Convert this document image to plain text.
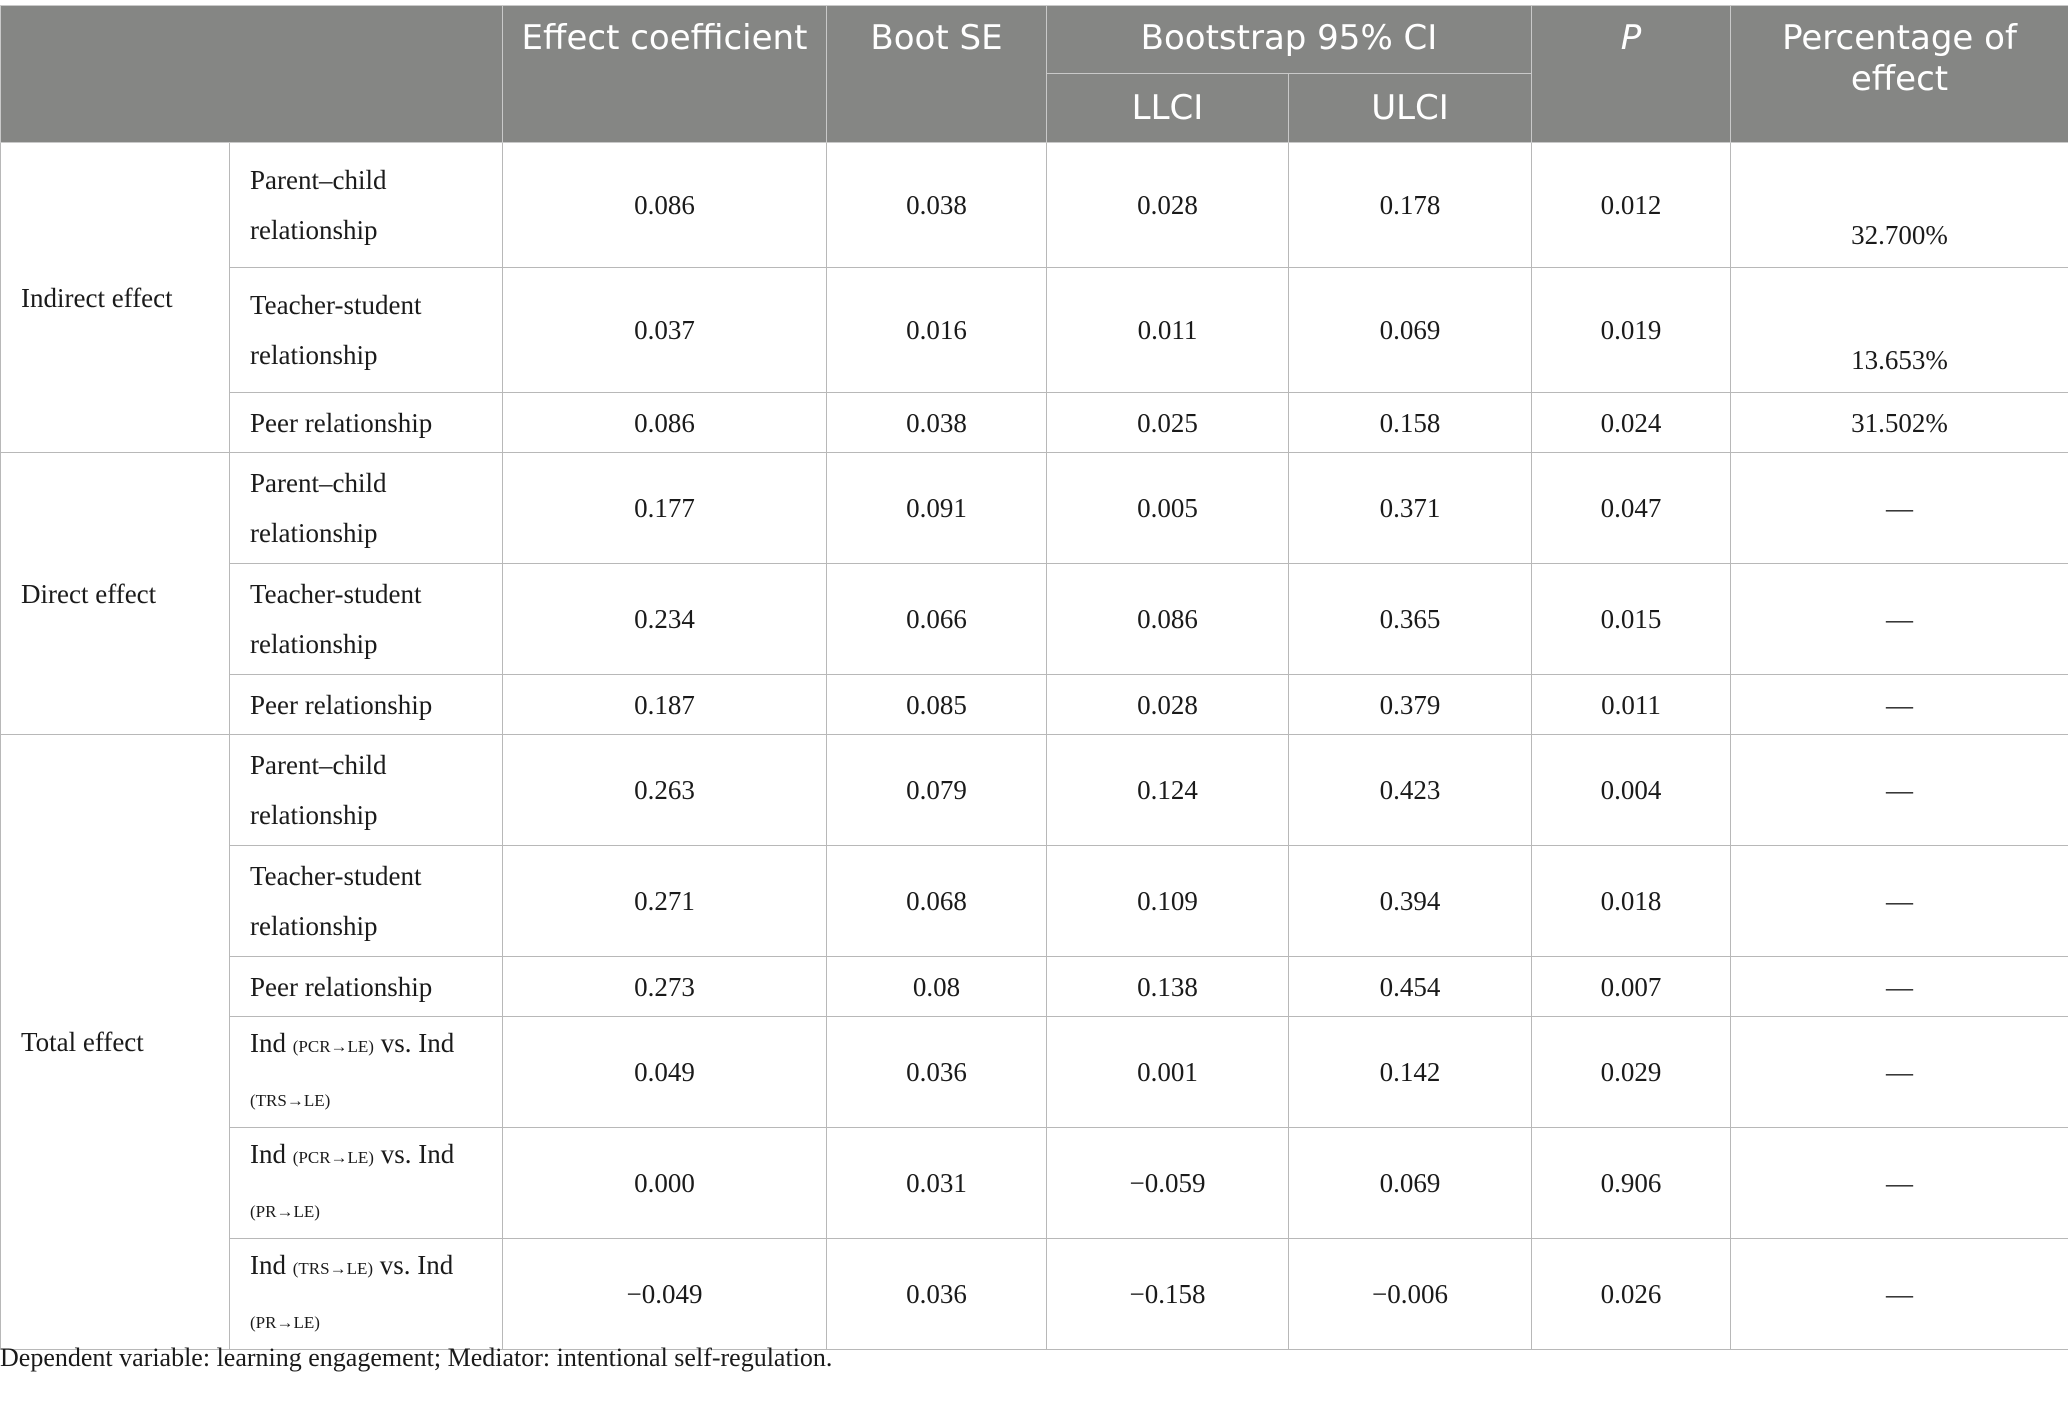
		Effect coefficient	Boot SE	Bootstrap 95% CI		P	Percentage of effect
				LLCI	ULCI		
Indirect effect	Parent–child relationship	0.086	0.038	0.028	0.178	0.012	32.700%
	Teacher-student relationship	0.037	0.016	0.011	0.069	0.019	13.653%
	Peer relationship	0.086	0.038	0.025	0.158	0.024	31.502%
Direct effect	Parent–child relationship	0.177	0.091	0.005	0.371	0.047	—
	Teacher-student relationship	0.234	0.066	0.086	0.365	0.015	—
	Peer relationship	0.187	0.085	0.028	0.379	0.011	—
Total effect	Parent–child relationship	0.263	0.079	0.124	0.423	0.004	—
	Teacher-student relationship	0.271	0.068	0.109	0.394	0.018	—
	Peer relationship	0.273	0.08	0.138	0.454	0.007	—
	Ind (PCR→LE) vs. Ind (TRS→LE)	0.049	0.036	0.001	0.142	0.029	—
	Ind (PCR→LE) vs. Ind (PR→LE)	0.000	0.031	−0.059	0.069	0.906	—
	Ind (TRS→LE) vs. Ind (PR→LE)	−0.049	0.036	−0.158	−0.006	0.026	—
Dependent variable: learning engagement; Mediator: intentional self-regulation.
